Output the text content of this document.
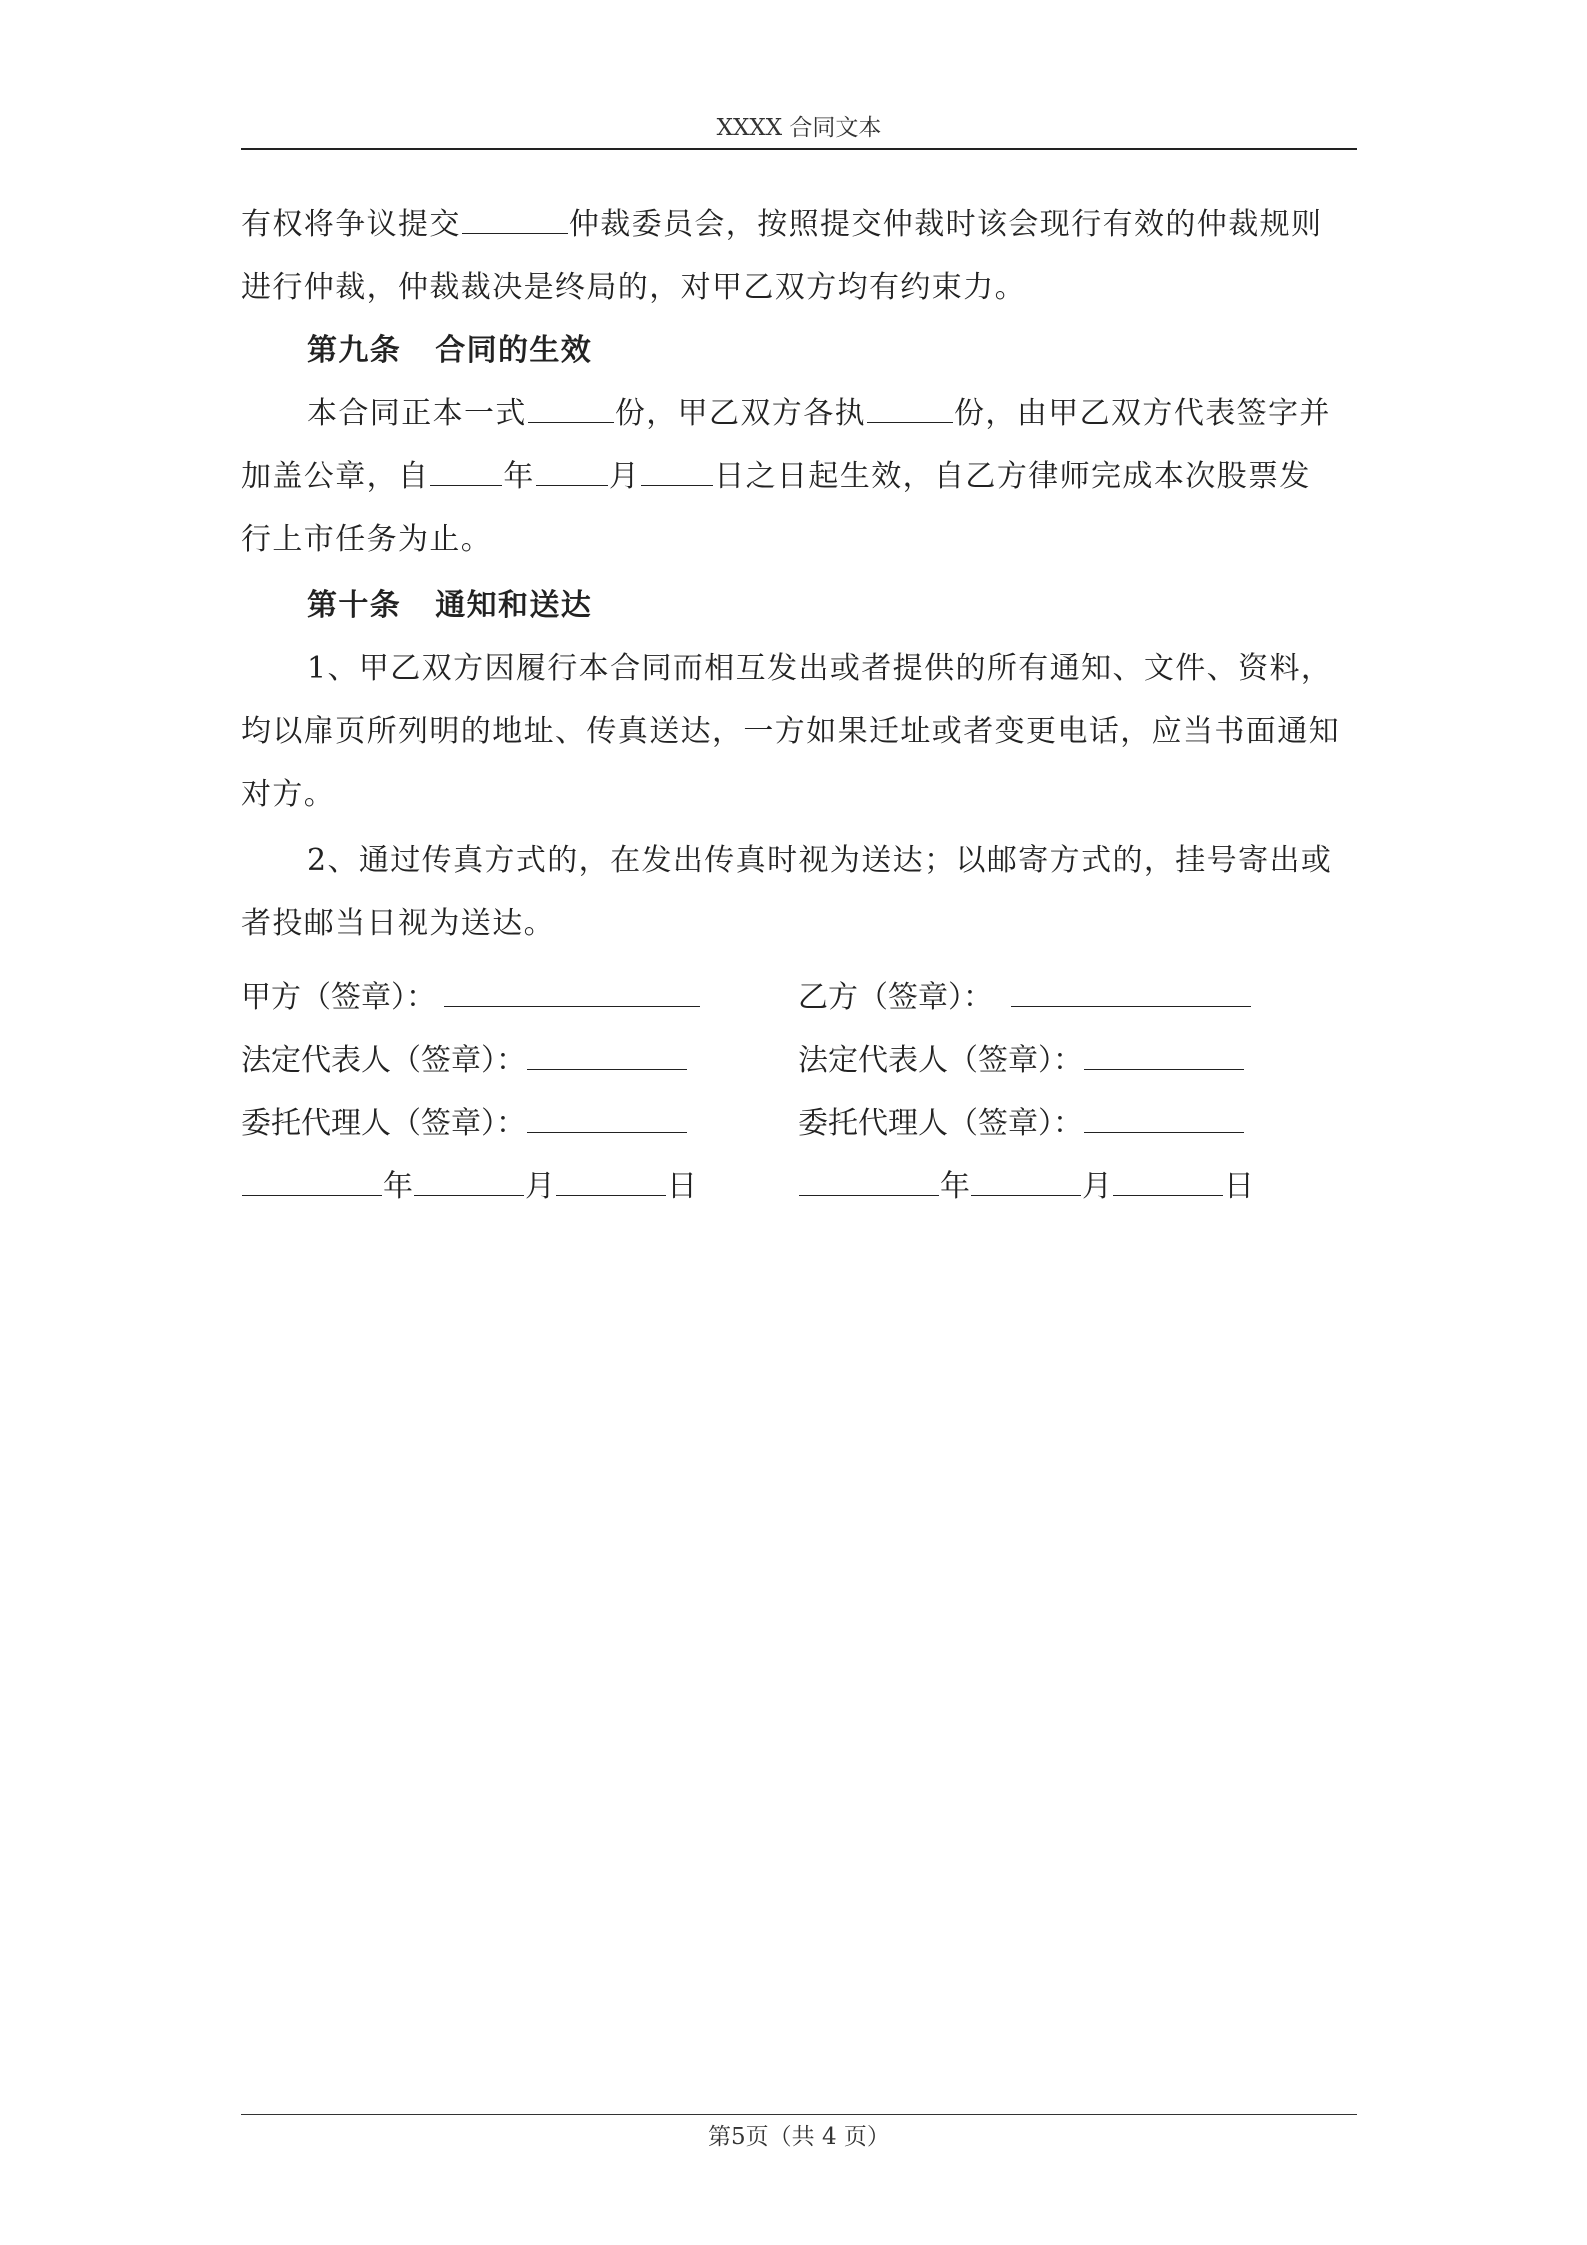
XXXX 合同文本
有权将争议提交	仲裁委员会，按照提交仲裁时该会现行有效的仲裁规则
进行仲裁，仲裁裁决是终局的，对甲乙双方均有约束力。
第九条 合同的生效
本合同正本一式	份，甲乙双方各执	份，由甲乙双方代表签字并
加盖公章，自 年 月 日之日起生效，自乙方律师完成本次股票发
行上市任务为止。
第十条 通知和送达
1、甲乙双方因履行本合同而相互发出或者提供的所有通知、文件、资料，
均以扉页所列明的地址、传真送达，一方如果迁址或者变更电话，应当书面通知
对方。
2、通过传真方式的，在发出传真时视为送达；以邮寄方式的，挂号寄出或
者投邮当日视为送达。
甲方（签章）：	乙方（签章）：
法定代表人（签章）：	法定代表人（签章）：
委托代理人（签章）：	委托代理人（签章）：
年	月	日	年	月	日
第5页（共 4 页）
